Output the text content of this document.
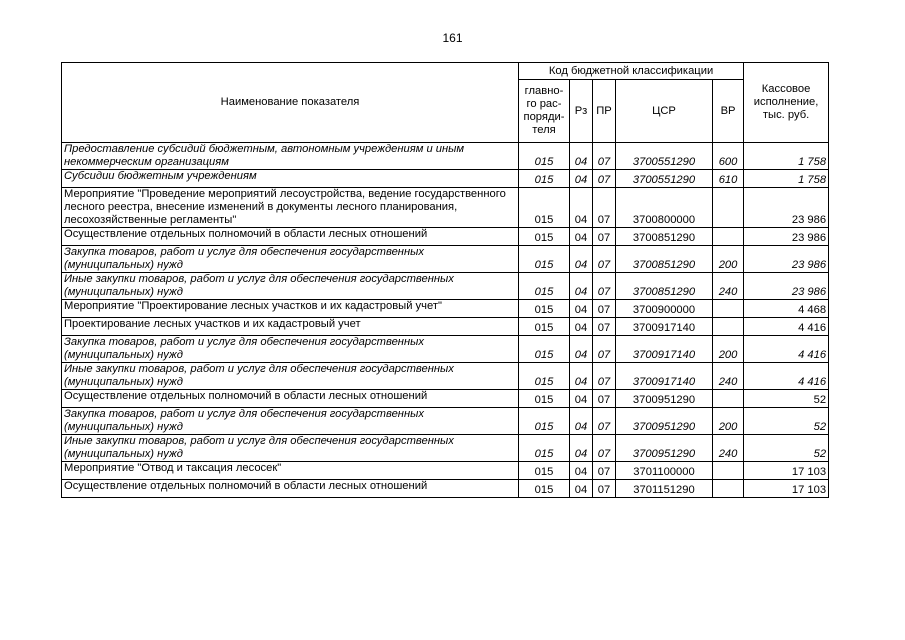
161
Наименование показателя	Код бюджетной классификации					Кассовое исполнение, тыс. руб.
	главно-го рас-поряди-теля	Рз	ПР	ЦСР	ВР	
Предоставление субсидий бюджетным, автономным учреждениям и иным некоммерческим организациям	015	04	07	3700551290	600	1 758
Субсидии бюджетным учреждениям	015	04	07	3700551290	610	1 758
Мероприятие "Проведение мероприятий лесоустройства, ведение государственного лесного реестра, внесение изменений в документы лесного планирования, лесохозяйственные регламенты"	015	04	07	3700800000		23 986
Осуществление отдельных полномочий в области лесных отношений	015	04	07	3700851290		23 986
Закупка товаров, работ и услуг для обеспечения государственных (муниципальных) нужд	015	04	07	3700851290	200	23 986
Иные закупки товаров, работ и услуг для обеспечения государственных (муниципальных) нужд	015	04	07	3700851290	240	23 986
Мероприятие "Проектирование лесных участков и их кадастровый учет"	015	04	07	3700900000		4 468
Проектирование лесных участков и их кадастровый учет	015	04	07	3700917140		4 416
Закупка товаров, работ и услуг для обеспечения государственных (муниципальных) нужд	015	04	07	3700917140	200	4 416
Иные закупки товаров, работ и услуг для обеспечения государственных (муниципальных) нужд	015	04	07	3700917140	240	4 416
Осуществление отдельных полномочий в области лесных отношений	015	04	07	3700951290		52
Закупка товаров, работ и услуг для обеспечения государственных (муниципальных) нужд	015	04	07	3700951290	200	52
Иные закупки товаров, работ и услуг для обеспечения государственных (муниципальных) нужд	015	04	07	3700951290	240	52
Мероприятие "Отвод и таксация лесосек"	015	04	07	3701100000		17 103
Осуществление отдельных полномочий в области лесных отношений	015	04	07	3701151290		17 103
